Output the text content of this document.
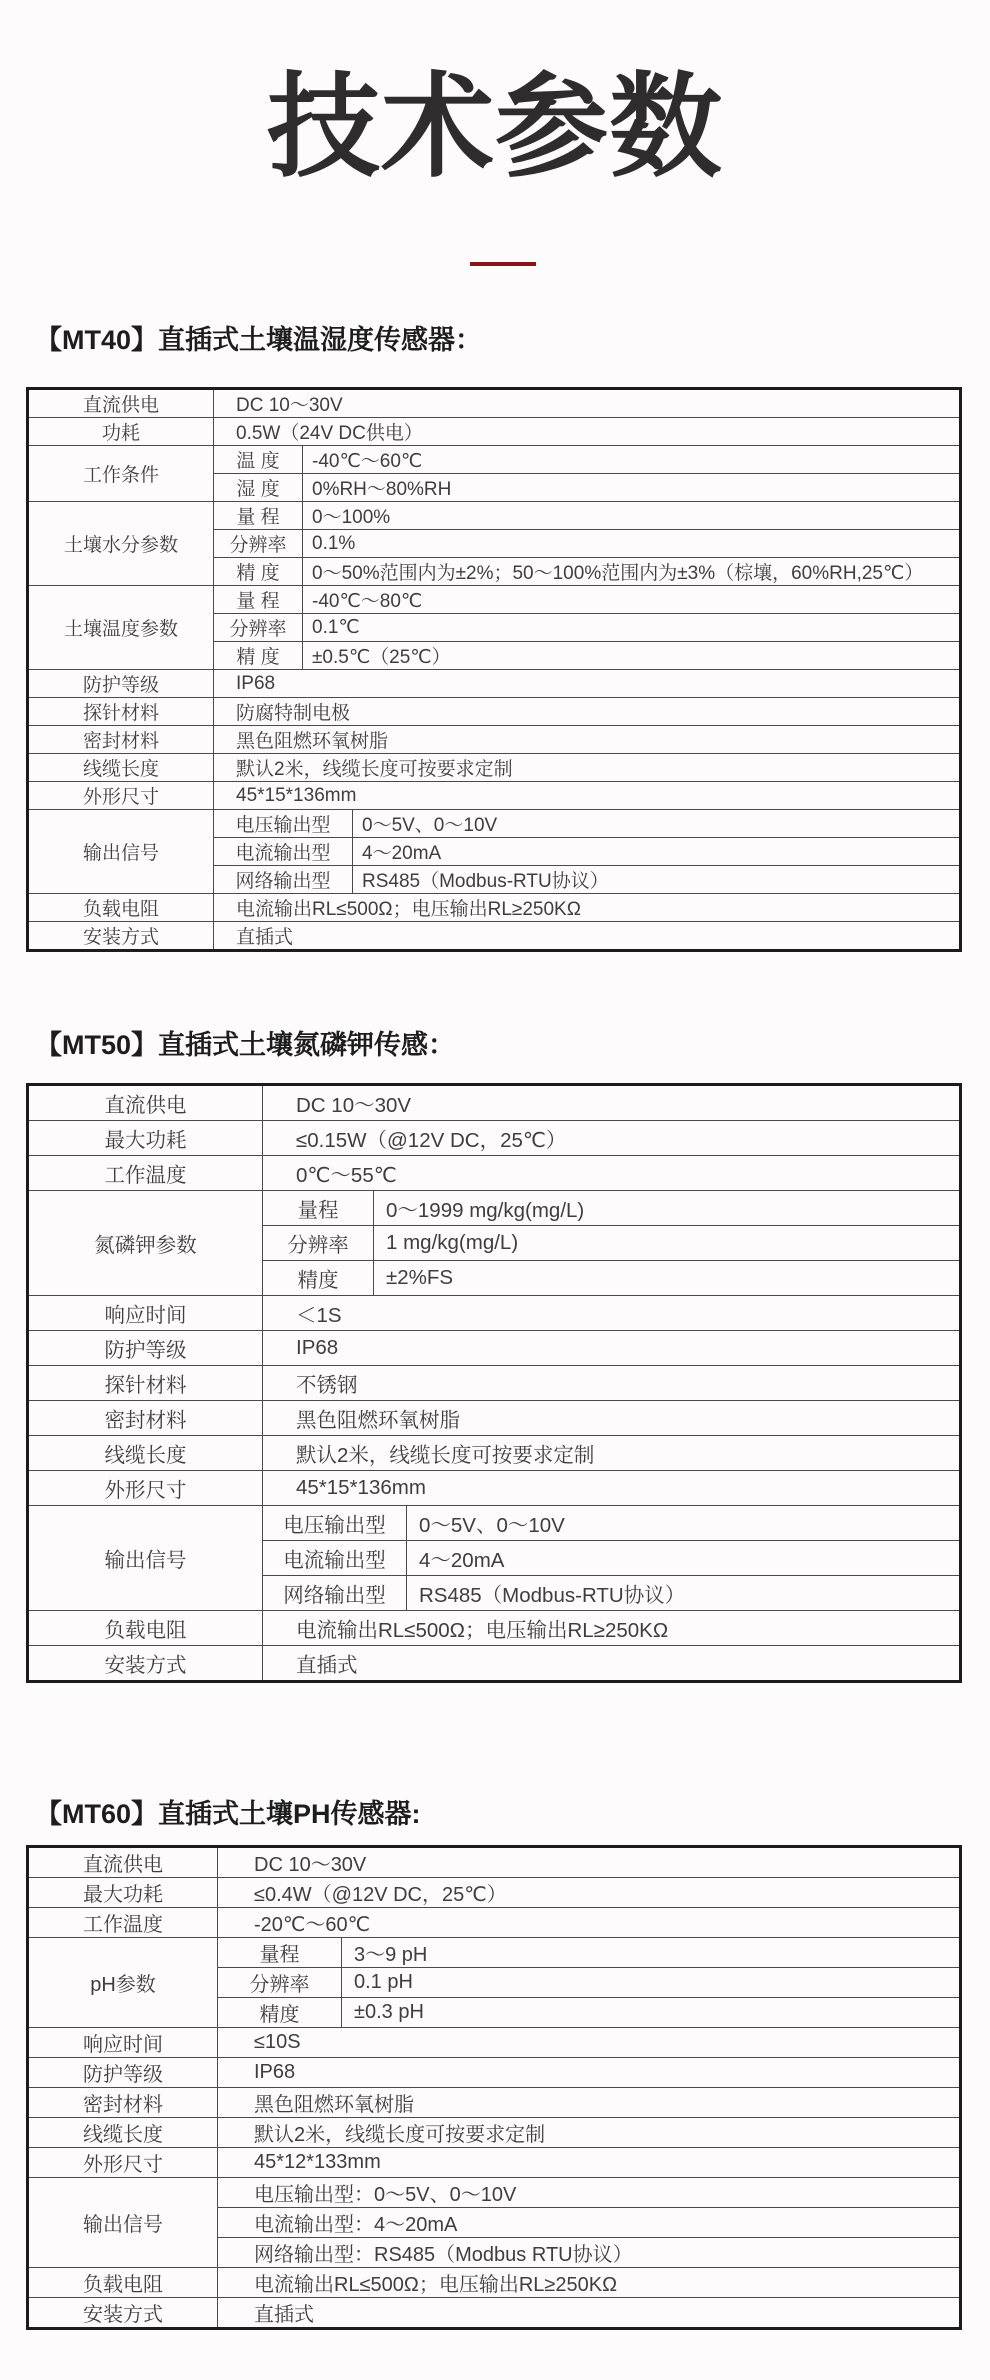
技术参数
【MT40】直插式土壤温湿度传感器：
直流供电	DC 10～30V

功耗	0.5W（24V DC供电）

工作条件	温 度 -40℃～60℃

湿 度 0%RH～80%RH

土壤水分参数	量 程 0～100%

分辨率 0.1%

精 度 0～50%范围内为±2%；50～100%范围内为±3%（棕壤，60%RH,25℃）

土壤温度参数	量 程 -40℃～80℃

分辨率 0.1℃

精 度 ±0.5℃（25℃）

防护等级	IP68

探针材料	防腐特制电极

密封材料	黑色阻燃环氧树脂

线缆长度	默认2米，线缆长度可按要求定制

外形尺寸	45*15*136mm

输出信号	电压输出型 0～5V、0～10V

电流输出型 4～20mA

网络输出型 RS485（Modbus-RTU协议）

负载电阻	电流输出RL≤500Ω；电压输出RL≥250KΩ

安装方式	直插式
【MT50】直插式土壤氮磷钾传感：
直流供电	DC 10～30V

最大功耗	≤0.15W（@12V DC，25℃）

工作温度	0℃～55℃

氮磷钾参数	量程 0～1999 mg/kg(mg/L)

分辨率 1 mg/kg(mg/L)

精度 ±2%FS

响应时间	＜1S

防护等级	IP68

探针材料	不锈钢

密封材料	黑色阻燃环氧树脂

线缆长度	默认2米，线缆长度可按要求定制

外形尺寸	45*15*136mm

输出信号	电压输出型 0～5V、0～10V

电流输出型 4～20mA

网络输出型 RS485（Modbus-RTU协议）

负载电阻	电流输出RL≤500Ω；电压输出RL≥250KΩ

安装方式	直插式
【MT60】直插式土壤PH传感器:
直流供电	DC 10～30V

最大功耗	≤0.4W（@12V DC，25℃）

工作温度	-20℃～60℃

pH参数	量程 3～9 pH

分辨率 0.1 pH

精度 ±0.3 pH

响应时间	≤10S

防护等级	IP68

密封材料	黑色阻燃环氧树脂

线缆长度	默认2米，线缆长度可按要求定制

外形尺寸	45*12*133mm

输出信号	电压输出型：0～5V、0～10V

电流输出型：4～20mA

网络输出型：RS485（Modbus RTU协议）

负载电阻	电流输出RL≤500Ω；电压输出RL≥250KΩ

安装方式	直插式
